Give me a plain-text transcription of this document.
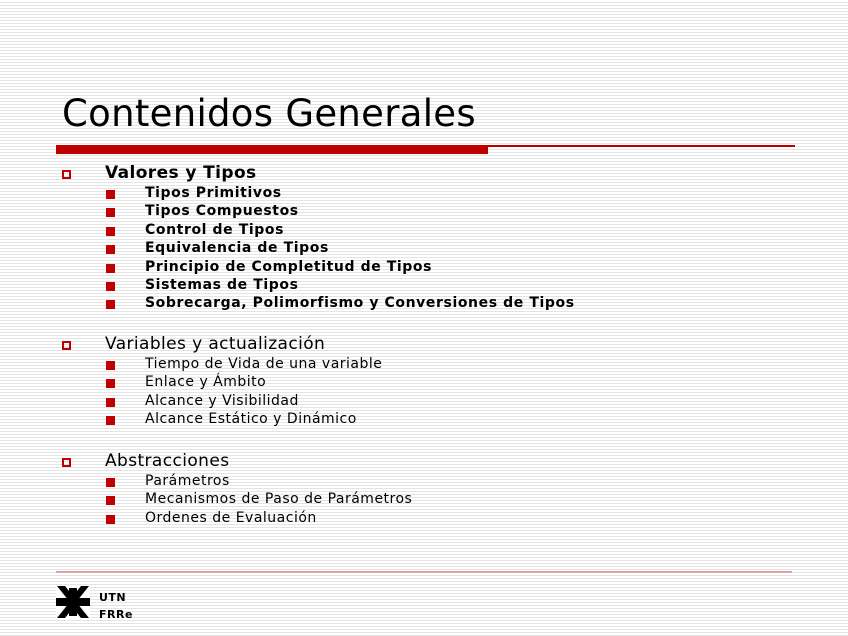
Contenidos Generales
Valores y Tipos
Tipos Primitivos
Tipos Compuestos
Control de Tipos
Equivalencia de Tipos
Principio de Completitud de Tipos
Sistemas de Tipos
Sobrecarga, Polimorfismo y Conversiones de Tipos
Variables y actualización
Tiempo de Vida de una variable
Enlace y Ámbito
Alcance y Visibilidad
Alcance Estático y Dinámico
Abstracciones
Parámetros
Mecanismos de Paso de Parámetros
Ordenes de Evaluación
UTN
FRRe
